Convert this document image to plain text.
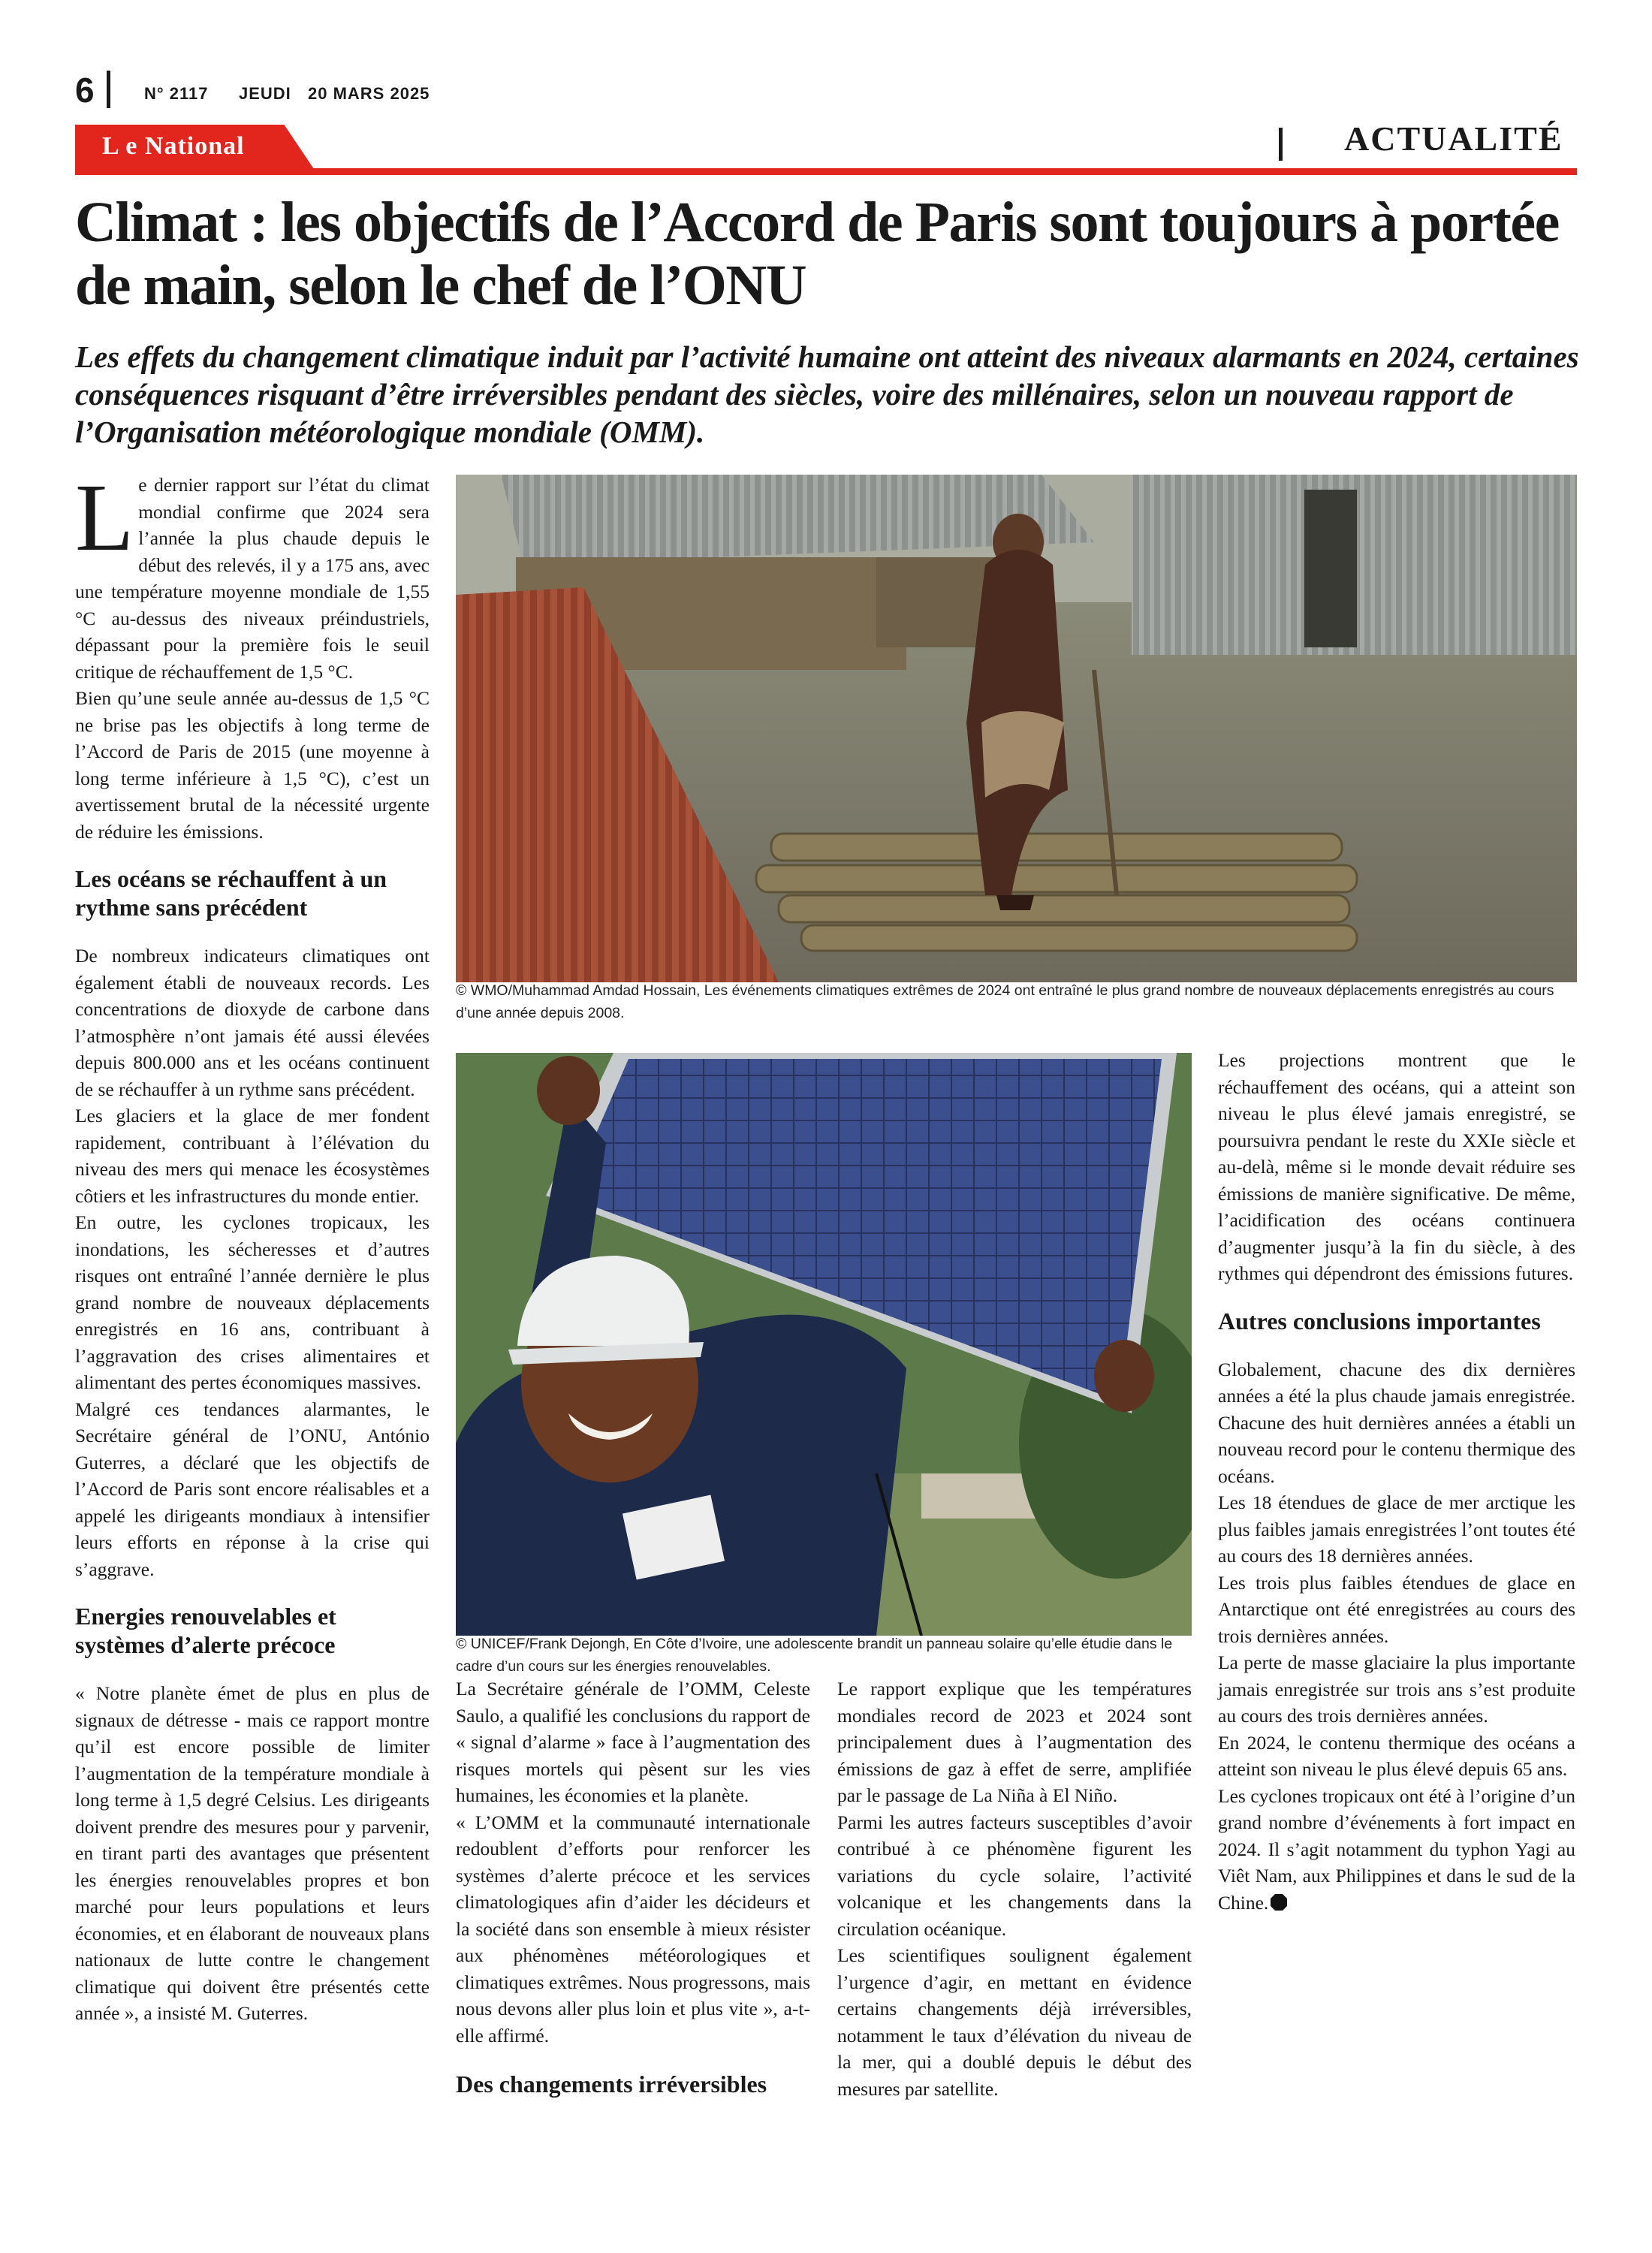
6	N° 2117 JEUDI 20 MARS 2025
L e National	ACTUALITÉ
Climat : les objectifs de l’Accord de Paris sont toujours à portée de main, selon le chef de l’ONU

Les effets du changement climatique induit par l’activité humaine ont atteint des niveaux alarmants en 2024, certaines conséquences risquant d’être irréversibles pendant des siècles, voire des millénaires, selon un nouveau rapport de l’Organisation météorologique mondiale (OMM).

Le dernier rapport sur l’état du climat mondial confirme que 2024 sera l’année la plus chaude depuis le début des relevés, il y a 175 ans, avec une température moyenne mondiale de 1,55 °C au-dessus des niveaux préindustriels, dépassant pour la première fois le seuil critique de réchauffement de 1,5 °C.

Bien qu’une seule année au-dessus de 1,5 °C ne brise pas les objectifs à long terme de l’Accord de Paris de 2015 (une moyenne à long terme inférieure à 1,5 °C), c’est un avertissement brutal de la nécessité urgente de réduire les émissions.

Les océans se réchauffent à un rythme sans précédent

De nombreux indicateurs climatiques ont également établi de nouveaux records. Les concentrations de dioxyde de carbone dans l’atmosphère n’ont jamais été aussi élevées depuis 800.000 ans et les océans continuent de se réchauffer à un rythme sans précédent.

Les glaciers et la glace de mer fondent rapidement, contribuant à l’élévation du niveau des mers qui menace les écosystèmes côtiers et les infrastructures du monde entier.

En outre, les cyclones tropicaux, les inondations, les sécheresses et d’autres risques ont entraîné l’année dernière le plus grand nombre de nouveaux déplacements enregistrés en 16 ans, contribuant à l’aggravation des crises alimentaires et alimentant des pertes économiques massives.

Malgré ces tendances alarmantes, le Secrétaire général de l’ONU, António Guterres, a déclaré que les objectifs de l’Accord de Paris sont encore réalisables et a appelé les dirigeants mondiaux à intensifier leurs efforts en réponse à la crise qui s’aggrave.

Energies renouvelables et systèmes d’alerte précoce

« Notre planète émet de plus en plus de signaux de détresse - mais ce rapport montre qu’il est encore possible de limiter l’augmentation de la température mondiale à long terme à 1,5 degré Celsius. Les dirigeants doivent prendre des mesures pour y parvenir, en tirant parti des avantages que présentent les énergies renouvelables propres et bon marché pour leurs populations et leurs économies, et en élaborant de nouveaux plans nationaux de lutte contre le changement climatique qui doivent être présentés cette année », a insisté M. Guterres.

© WMO/Muhammad Amdad Hossain, Les événements climatiques extrêmes de 2024 ont entraîné le plus grand nombre de nouveaux déplacements enregistrés au cours d’une année depuis 2008.
© UNICEF/Frank Dejongh, En Côte d’Ivoire, une adolescente brandit un panneau solaire qu’elle étudie dans le cadre d’un cours sur les énergies renouvelables.

La Secrétaire générale de l’OMM, Celeste Saulo, a qualifié les conclusions du rapport de « signal d’alarme » face à l’augmentation des risques mortels qui pèsent sur les vies humaines, les économies et la planète.

« L’OMM et la communauté internationale redoublent d’efforts pour renforcer les systèmes d’alerte précoce et les services climatologiques afin d’aider les décideurs et la société dans son ensemble à mieux résister aux phénomènes météorologiques et climatiques extrêmes. Nous progressons, mais nous devons aller plus loin et plus vite », a-t-elle affirmé.

Des changements irréversibles

Le rapport explique que les températures mondiales record de 2023 et 2024 sont principalement dues à l’augmentation des émissions de gaz à effet de serre, amplifiée par le passage de La Niña à El Niño.

Parmi les autres facteurs susceptibles d’avoir contribué à ce phénomène figurent les variations du cycle solaire, l’activité volcanique et les changements dans la circulation océanique.

Les scientifiques soulignent également l’urgence d’agir, en mettant en évidence certains changements déjà irréversibles, notamment le taux d’élévation du niveau de la mer, qui a doublé depuis le début des mesures par satellite.

Les projections montrent que le réchauffement des océans, qui a atteint son niveau le plus élevé jamais enregistré, se poursuivra pendant le reste du XXIe siècle et au-delà, même si le monde devait réduire ses émissions de manière significative. De même, l’acidification des océans continuera d’augmenter jusqu’à la fin du siècle, à des rythmes qui dépendront des émissions futures.

Autres conclusions importantes

Globalement, chacune des dix dernières années a été la plus chaude jamais enregistrée. Chacune des huit dernières années a établi un nouveau record pour le contenu thermique des océans.

Les 18 étendues de glace de mer arctique les plus faibles jamais enregistrées l’ont toutes été au cours des 18 dernières années.

Les trois plus faibles étendues de glace en Antarctique ont été enregistrées au cours des trois dernières années.

La perte de masse glaciaire la plus importante jamais enregistrée sur trois ans s’est produite au cours des trois dernières années.

En 2024, le contenu thermique des océans a atteint son niveau le plus élevé depuis 65 ans.

Les cyclones tropicaux ont été à l’origine d’un grand nombre d’événements à fort impact en 2024. Il s’agit notamment du typhon Yagi au Viêt Nam, aux Philippines et dans le sud de la Chine.
